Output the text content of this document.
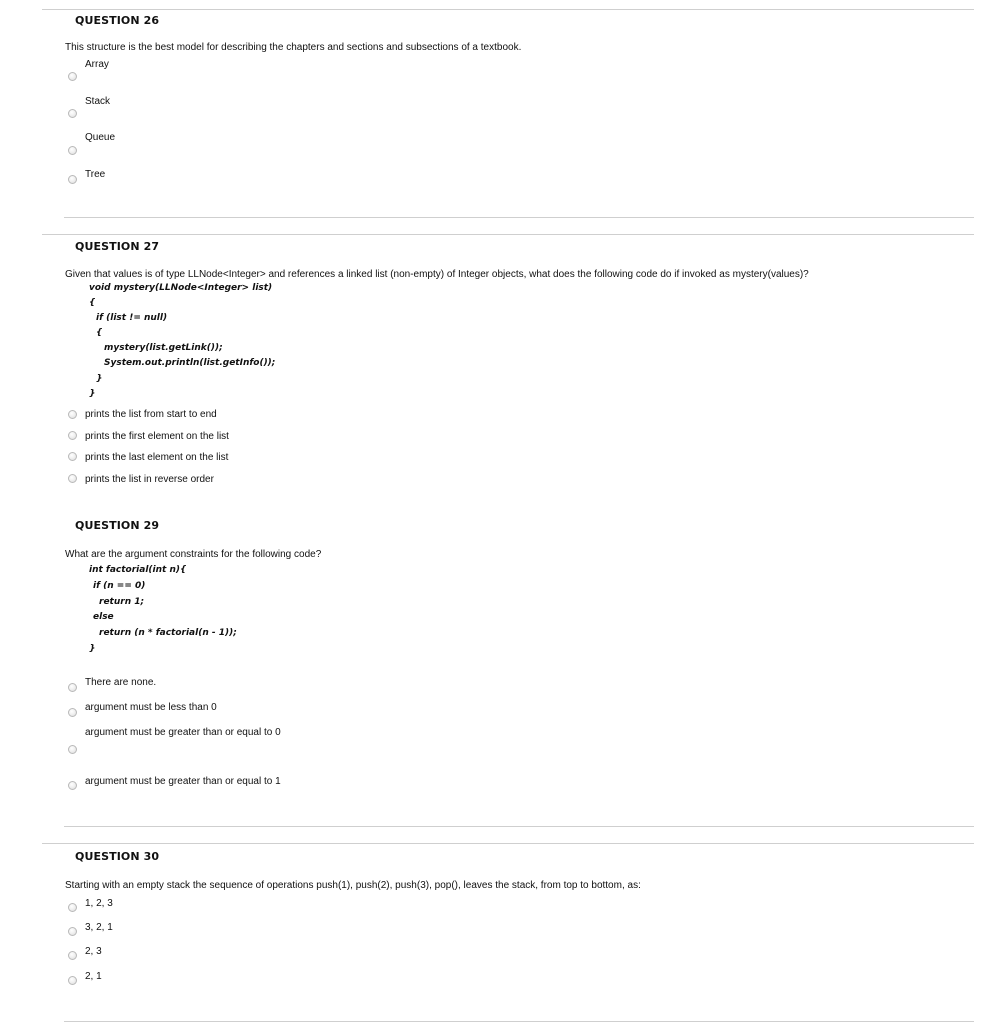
QUESTION 26
This structure is the best model for describing the chapters and sections and subsections of a textbook.
Array
Stack
Queue
Tree
QUESTION 27
Given that values is of type LLNode<Integer> and references a linked list (non-empty) of Integer objects, what does the following code do if invoked as mystery(values)?
void mystery(LLNode<Integer> list)
{
if (list != null)
{
mystery(list.getLink());
System.out.println(list.getInfo());
}
}
prints the list from start to end
prints the first element on the list
prints the last element on the list
prints the list in reverse order
QUESTION 29
What are the argument constraints for the following code?
int factorial(int n){
if (n == 0)
return 1;
else
return (n * factorial(n - 1));
}
There are none.
argument must be less than 0
argument must be greater than or equal to 0
argument must be greater than or equal to 1
QUESTION 30
Starting with an empty stack the sequence of operations push(1), push(2), push(3), pop(), leaves the stack, from top to bottom, as:
1, 2, 3
3, 2, 1
2, 3
2, 1
